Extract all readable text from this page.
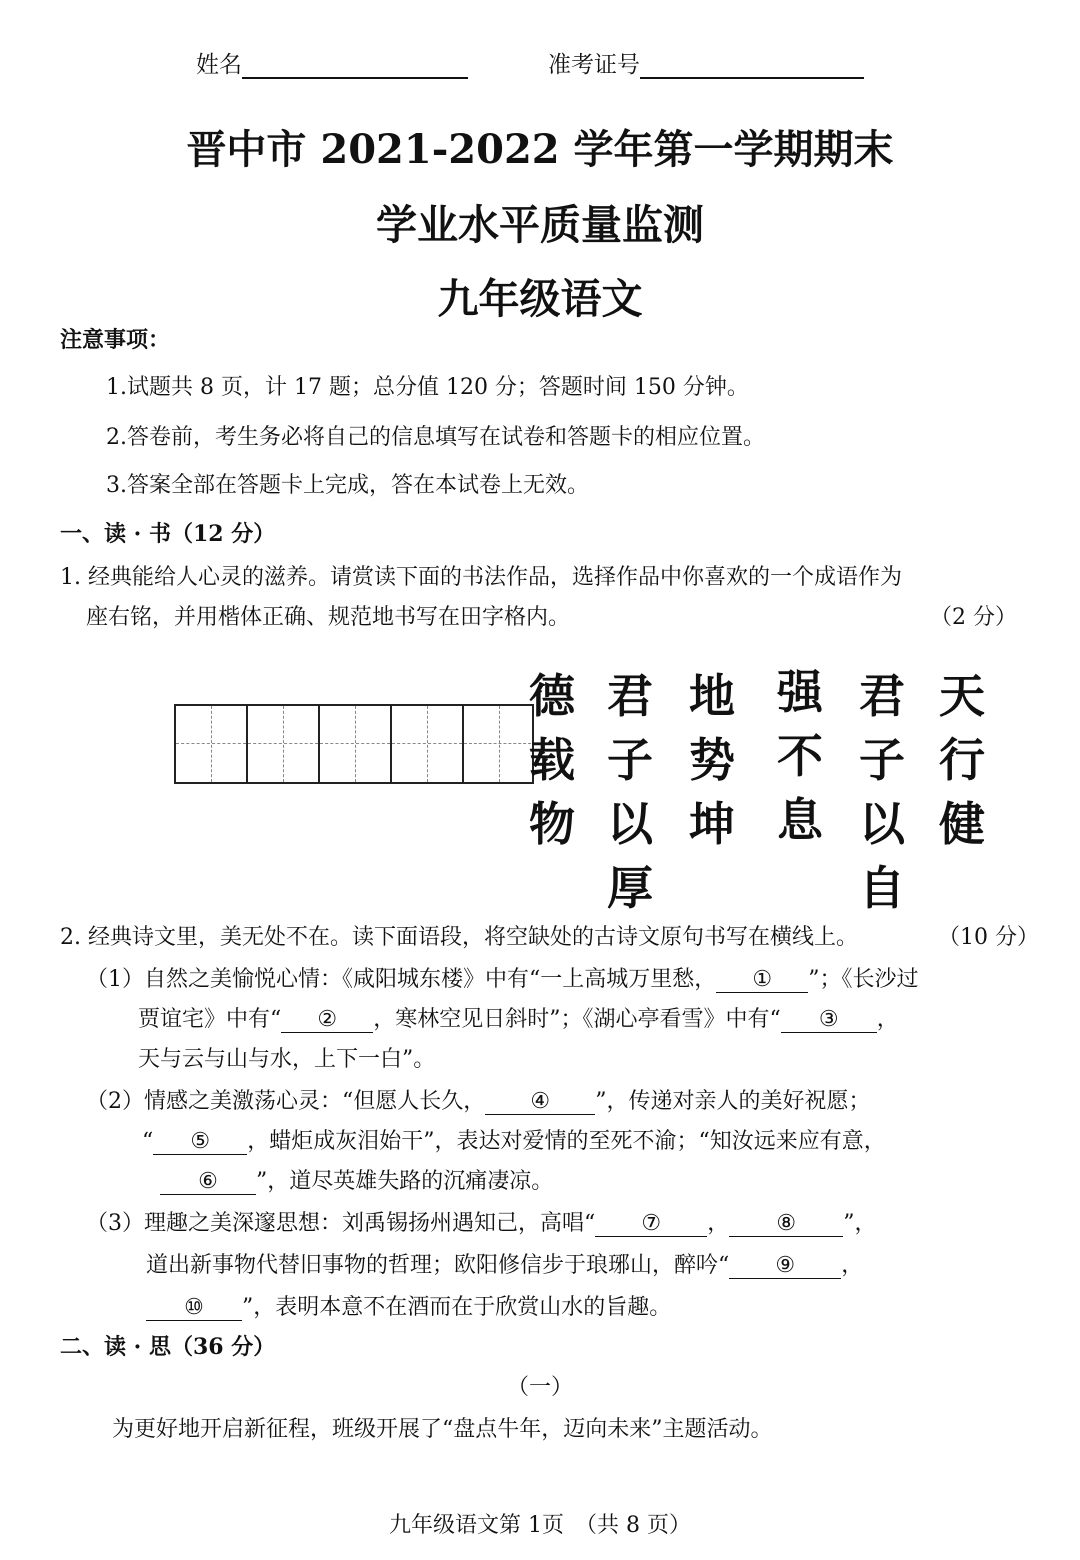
姓名	准考证号
晋中市 2021-2022 学年第一学期期末
学业水平质量监测
九年级语文
注意事项：
1.试题共 8 页，计 17 题；总分值 120 分；答题时间 150 分钟。
2.答卷前，考生务必将自己的信息填写在试卷和答题卡的相应位置。
3.答案全部在答题卡上完成，答在本试卷上无效。
一、读 · 书（12 分）
1. 经典能给人心灵的滋养。请赏读下面的书法作品，选择作品中你喜欢的一个成语作为
座右铭，并用楷体正确、规范地书写在田字格内。	（2 分）
天行健
君子以自
强不息
地势坤
君子以厚
德载物
2. 经典诗文里，美无处不在。读下面语段，将空缺处的古诗文原句书写在横线上。	（10 分）
（1）自然之美愉悦心情：《咸阳城东楼》中有“一上高城万里愁， ① ”；《长沙过
贾谊宅》中有“ ② ，寒林空见日斜时”；《湖心亭看雪》中有“ ③ ，
天与云与山与水，上下一白”。
（2）情感之美激荡心灵：“但愿人长久， ④ ”，传递对亲人的美好祝愿；
“ ⑤ ，蜡炬成灰泪始干”，表达对爱情的至死不渝；“知汝远来应有意，
⑥ ”，道尽英雄失路的沉痛凄凉。
（3）理趣之美深邃思想：刘禹锡扬州遇知己，高唱“ ⑦ ， ⑧ ”，
道出新事物代替旧事物的哲理；欧阳修信步于琅琊山，醉吟“ ⑨ ，
⑩ ”，表明本意不在酒而在于欣赏山水的旨趣。
二、读 · 思（36 分）
（一）
为更好地开启新征程，班级开展了“盘点牛年，迈向未来”主题活动。
九年级语文第 1页　（共 8 页）
